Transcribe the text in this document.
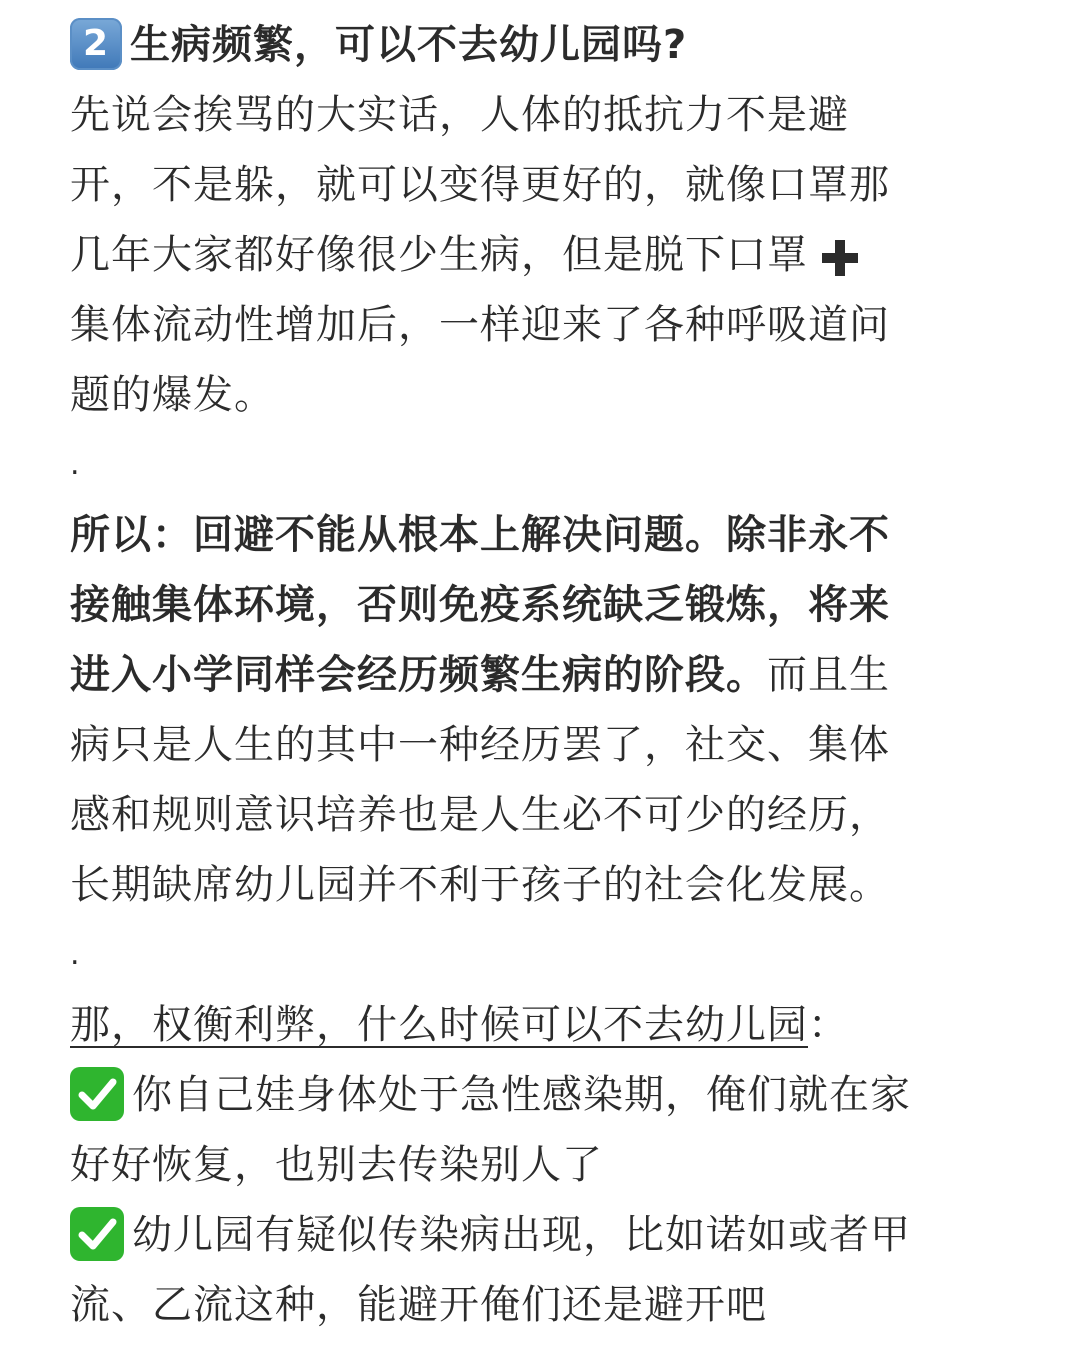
2 生病频繁，可以不去幼儿园吗?
先说会挨骂的大实话，人体的抵抗力不是避
开，不是躲，就可以变得更好的，就像口罩那
几年大家都好像很少生病，但是脱下口罩
集体流动性增加后，一样迎来了各种呼吸道问
题的爆发。
.
所以：回避不能从根本上解决问题。除非永不
接触集体环境，否则免疫系统缺乏锻炼，将来
进入小学同样会经历频繁生病的阶段。而且生
病只是人生的其中一种经历罢了，社交、集体
感和规则意识培养也是人生必不可少的经历，
长期缺席幼儿园并不利于孩子的社会化发展。
.
那，权衡利弊，什么时候可以不去幼儿园：
你自己娃身体处于急性感染期，俺们就在家
好好恢复，也别去传染别人了
幼儿园有疑似传染病出现，比如诺如或者甲
流、乙流这种，能避开俺们还是避开吧
